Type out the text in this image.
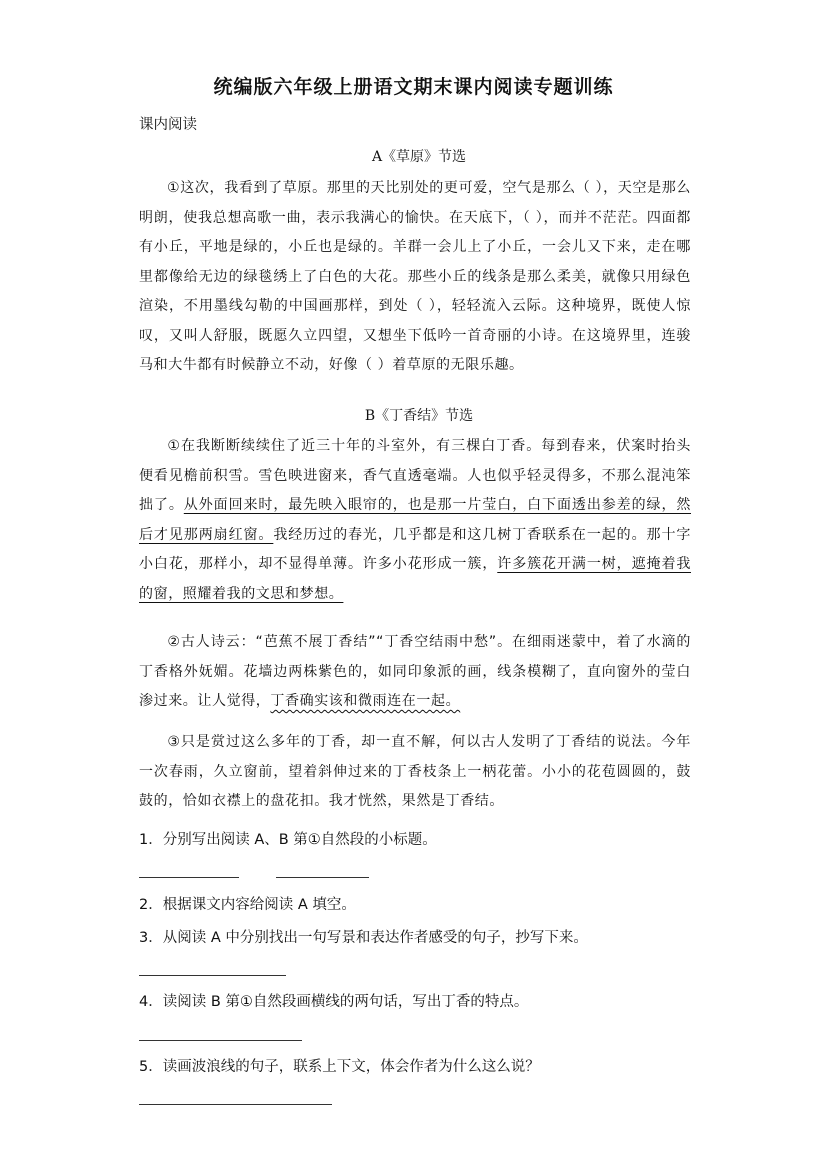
统编版六年级上册语文期末课内阅读专题训练
课内阅读
A《草原》节选
①这次，我看到了草原。那里的天比别处的更可爱，空气是那么（ ），天空是那么明朗，使我总想高歌一曲，表示我满心的愉快。在天底下，（ ），而并不茫茫。四面都有小丘，平地是绿的，小丘也是绿的。羊群一会儿上了小丘，一会儿又下来，走在哪里都像给无边的绿毯绣上了白色的大花。那些小丘的线条是那么柔美，就像只用绿色渲染，不用墨线勾勒的中国画那样，到处（ ），轻轻流入云际。这种境界，既使人惊叹，又叫人舒服，既愿久立四望，又想坐下低吟一首奇丽的小诗。在这境界里，连骏马和大牛都有时候静立不动，好像（ ）着草原的无限乐趣。
B《丁香结》节选
①在我断断续续住了近三十年的斗室外，有三棵白丁香。每到春来，伏案时抬头便看见檐前积雪。雪色映进窗来，香气直透毫端。人也似乎轻灵得多，不那么混沌笨拙了。从外面回来时，最先映入眼帘的，也是那一片莹白，白下面透出参差的绿，然后才见那两扇红窗。我经历过的春光，几乎都是和这几树丁香联系在一起的。那十字小白花，那样小，却不显得单薄。许多小花形成一簇，许多簇花开满一树，遮掩着我的窗，照耀着我的文思和梦想。
②古人诗云：“芭蕉不展丁香结”“丁香空结雨中愁”。在细雨迷蒙中，着了水滴的丁香格外妩媚。花墙边两株紫色的，如同印象派的画，线条模糊了，直向窗外的莹白渗过来。让人觉得，丁香确实该和微雨连在一起。
③只是赏过这么多年的丁香，却一直不解，何以古人发明了丁香结的说法。今年一次春雨，久立窗前，望着斜伸过来的丁香枝条上一柄花蕾。小小的花苞圆圆的，鼓鼓的，恰如衣襟上的盘花扣。我才恍然，果然是丁香结。
1．分别写出阅读 A、B 第①自然段的小标题。
2．根据课文内容给阅读 A 填空。
3．从阅读 A 中分别找出一句写景和表达作者感受的句子，抄写下来。
4．读阅读 B 第①自然段画横线的两句话，写出丁香的特点。
5．读画波浪线的句子，联系上下文，体会作者为什么这么说？
